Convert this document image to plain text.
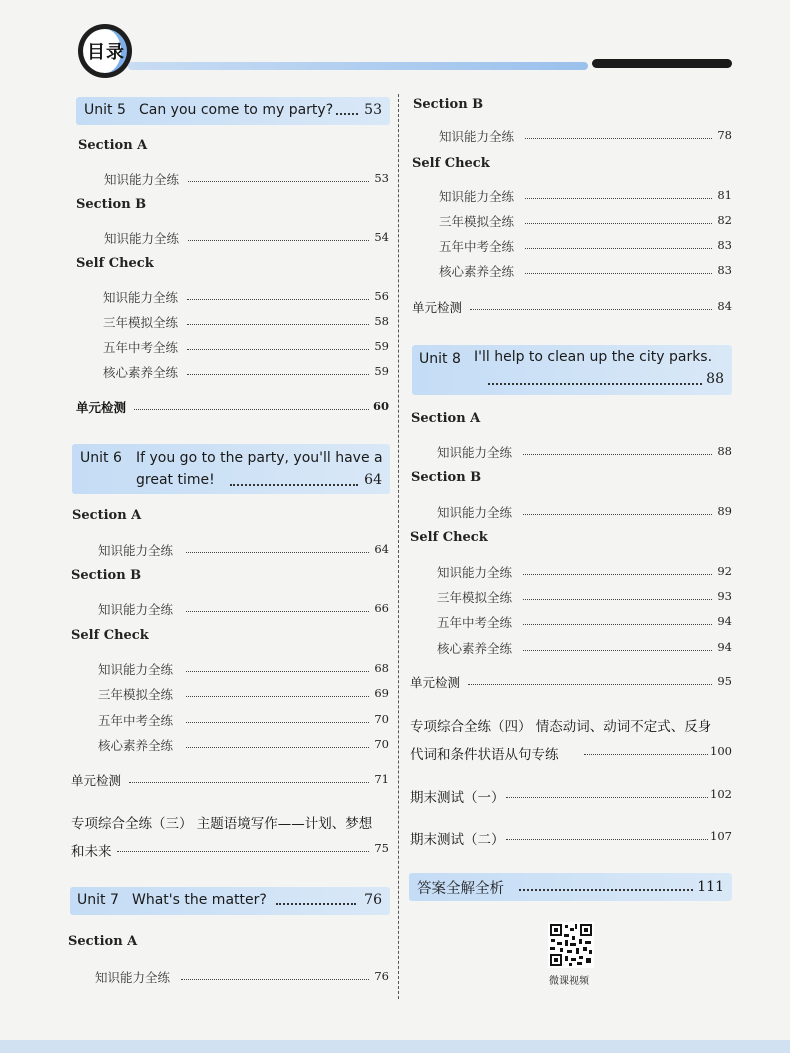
目录
Unit 5 Can you come to my party? 53
Section A
知识能力全练	53
Section B
知识能力全练	54
Self Check
知识能力全练	56
三年模拟全练	58
五年中考全练	59
核心素养全练	59
单元检测	60
Unit 6 If you go to the party, you'll have a
great time!	64
Section A
知识能力全练	64
Section B
知识能力全练	66
Self Check
知识能力全练	68
三年模拟全练	69
五年中考全练	70
核心素养全练	70
单元检测	71
专项综合全练（三） 主题语境写作——计划、梦想
和未来	75
Unit 7 What's the matter?	76
Section A
知识能力全练	76
Section B
知识能力全练	78
Self Check
知识能力全练	81
三年模拟全练	82
五年中考全练	83
核心素养全练	83
单元检测	84
Unit 8 I'll help to clean up the city parks.
88
Section A
知识能力全练	88
Section B
知识能力全练	89
Self Check
知识能力全练	92
三年模拟全练	93
五年中考全练	94
核心素养全练	94
单元检测	95
专项综合全练（四） 情态动词、动词不定式、反身
代词和条件状语从句专练	100
期末测试（一）	102
期末测试（二）	107
答案全解全析	111
微课视频
